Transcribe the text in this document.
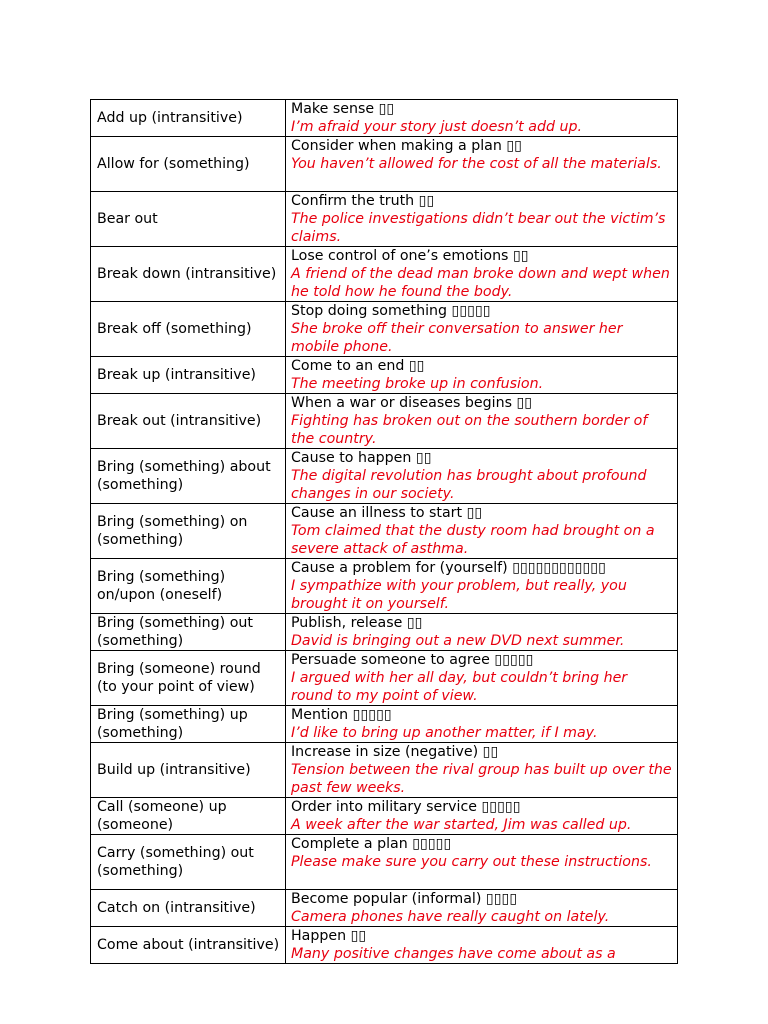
Add up (intransitive)	Make sense ▯▯
I’m afraid your story just doesn’t add up.

Allow for (something)	Consider when making a plan ▯▯
You haven’t allowed for the cost of all the materials.

Bear out	Confirm the truth ▯▯
The police investigations didn’t bear out the victim’s claims.

Break down (intransitive)	Lose control of one’s emotions ▯▯
A friend of the dead man broke down and wept when he told how he found the body.

Break off (something)	Stop doing something ▯▯▯▯▯
She broke off their conversation to answer her mobile phone.

Break up (intransitive)	Come to an end ▯▯
The meeting broke up in confusion.

Break out (intransitive)	When a war or diseases begins ▯▯
Fighting has broken out on the southern border of the country.

Bring (something) about (something)	Cause to happen ▯▯
The digital revolution has brought about profound changes in our society.

Bring (something) on (something)	Cause an illness to start ▯▯
Tom claimed that the dusty room had brought on a severe attack of asthma.

Bring (something) on/upon (oneself)	Cause a problem for (yourself) ▯▯▯▯▯▯▯▯▯▯▯▯
I sympathize with your problem, but really, you brought it on yourself.

Bring (something) out (something)	Publish, release ▯▯
David is bringing out a new DVD next summer.

Bring (someone) round (to your point of view)	Persuade someone to agree ▯▯▯▯▯
I argued with her all day, but couldn’t bring her round to my point of view.

Bring (something) up (something)	Mention ▯▯▯▯▯
I’d like to bring up another matter, if I may.

Build up (intransitive)	Increase in size (negative) ▯▯
Tension between the rival group has built up over the past few weeks.

Call (someone) up (someone)	Order into military service ▯▯▯▯▯
A week after the war started, Jim was called up.

Carry (something) out (something)	Complete a plan ▯▯▯▯▯
Please make sure you carry out these instructions.

Catch on (intransitive)	Become popular (informal) ▯▯▯▯
Camera phones have really caught on lately.

Come about (intransitive)	Happen ▯▯
Many positive changes have come about as a
